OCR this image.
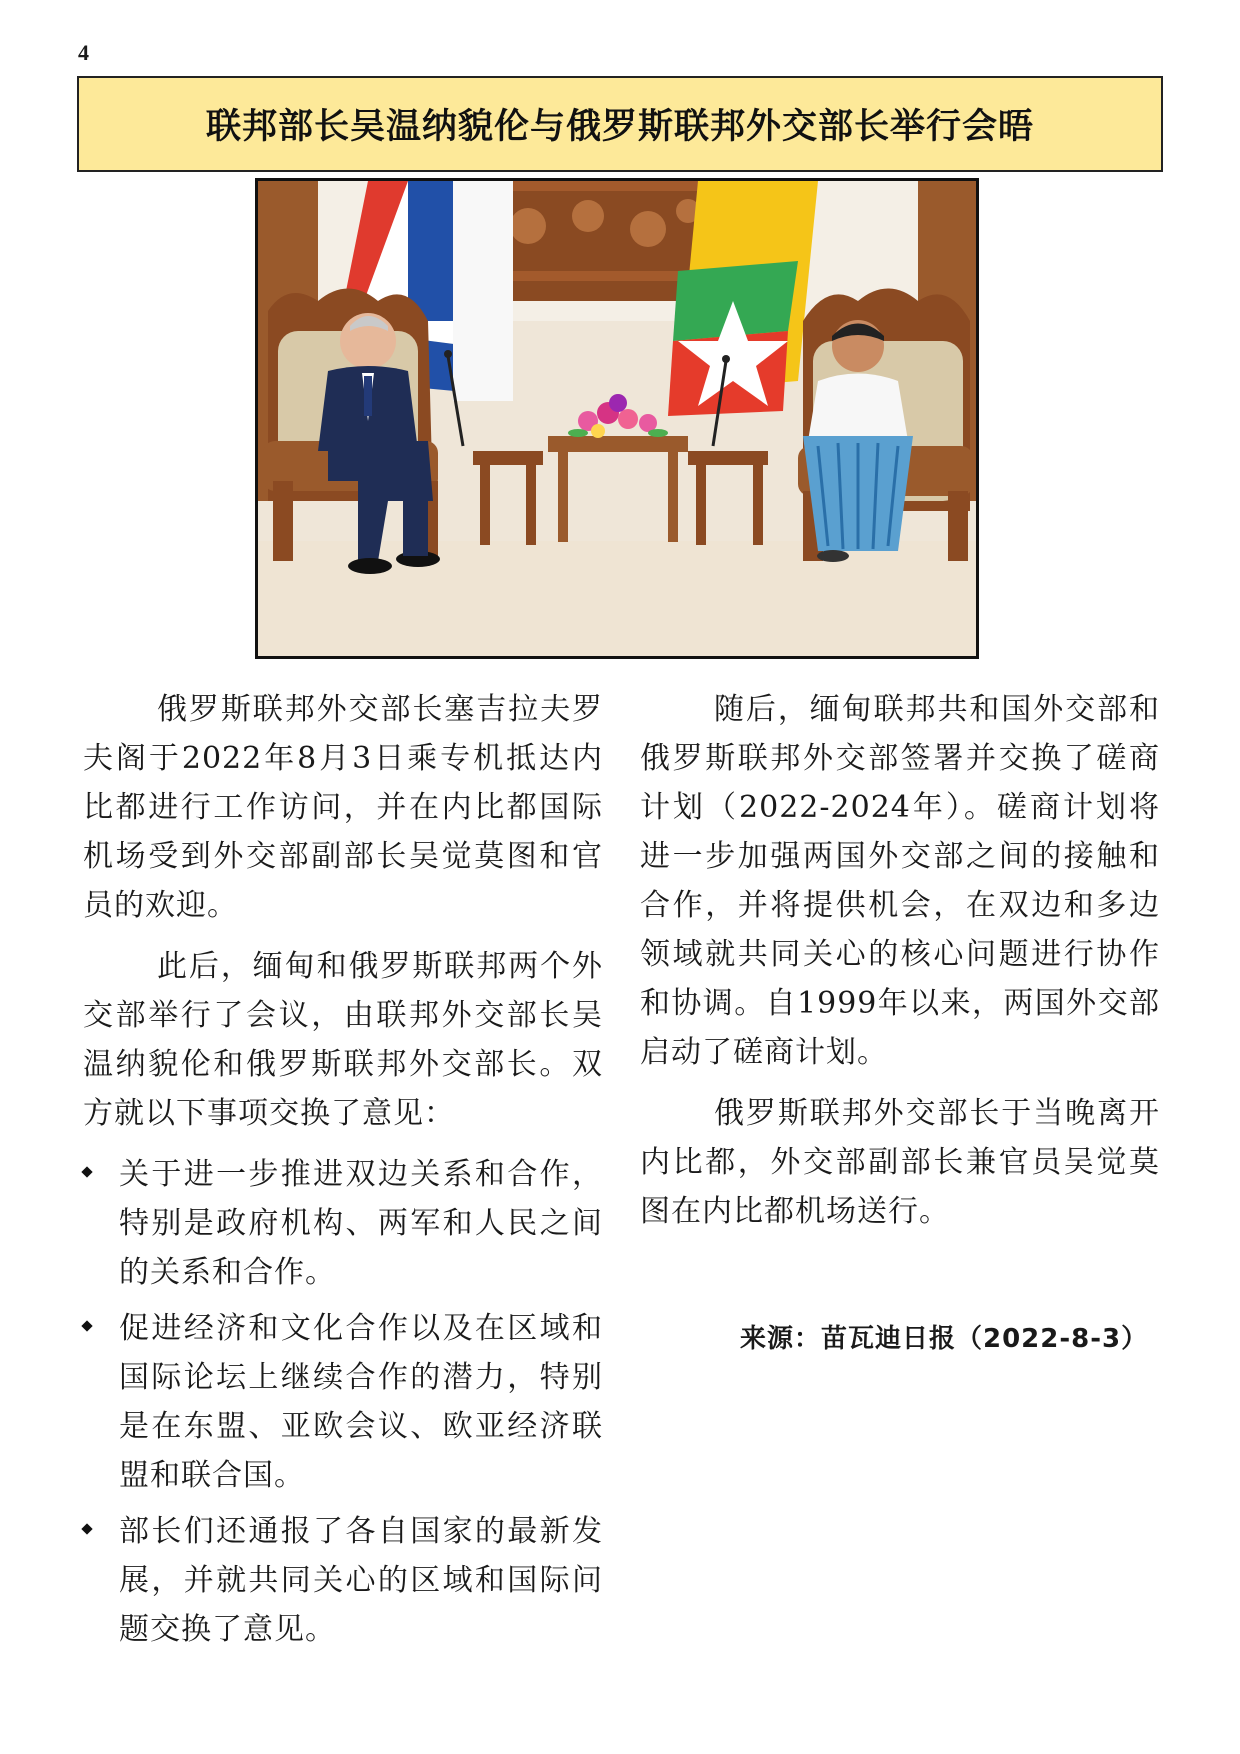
4
联邦部长吴温纳貌伦与俄罗斯联邦外交部长举行会晤

俄罗斯联邦外交部长塞吉拉夫罗夫阁于2022年8月3日乘专机抵达内比都进行工作访问，并在内比都国际机场受到外交部副部长吴觉莫图和官员的欢迎。

此后，缅甸和俄罗斯联邦两个外交部举行了会议，由联邦外交部长吴温纳貌伦和俄罗斯联邦外交部长。双方就以下事项交换了意见：

关于进一步推进双边关系和合作，特别是政府机构、两军和人民之间的关系和合作。
促进经济和文化合作以及在区域和国际论坛上继续合作的潜力，特别是在东盟、亚欧会议、欧亚经济联盟和联合国。
部长们还通报了各自国家的最新发展，并就共同关心的区域和国际问题交换了意见。

随后，缅甸联邦共和国外交部和俄罗斯联邦外交部签署并交换了磋商计划（2022-2024年）。磋商计划将进一步加强两国外交部之间的接触和合作，并将提供机会，在双边和多边领域就共同关心的核心问题进行协作和协调。自1999年以来，两国外交部启动了磋商计划。

俄罗斯联邦外交部长于当晚离开内比都，外交部副部长兼官员吴觉莫图在内比都机场送行。

来源：苗瓦迪日报（2022-8-3）
